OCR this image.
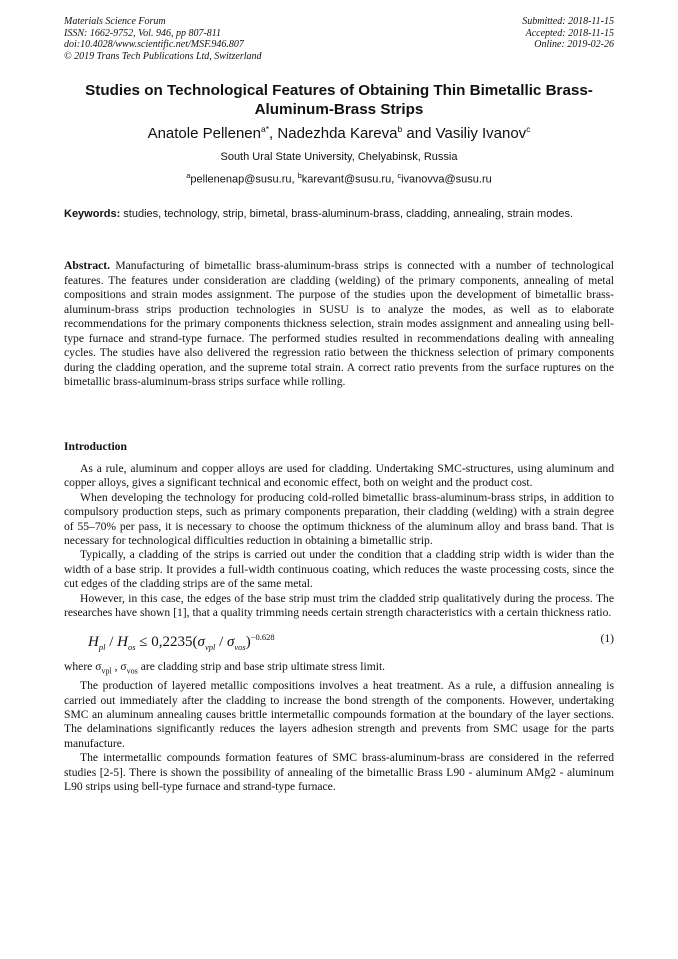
Materials Science Forum
ISSN: 1662-9752, Vol. 946, pp 807-811
doi:10.4028/www.scientific.net/MSF.946.807
© 2019 Trans Tech Publications Ltd, Switzerland
Submitted: 2018-11-15
Accepted: 2018-11-15
Online: 2019-02-26
Studies on Technological Features of Obtaining Thin Bimetallic Brass-Aluminum-Brass Strips
Anatole Pellenen$^{a*}$, Nadezhda Kareva$^b$ and Vasiliy Ivanov$^c$
South Ural State University, Chelyabinsk, Russia
$^a$pellenenap@susu.ru, $^b$karevant@susu.ru, $^c$ivanovva@susu.ru
Keywords: studies, technology, strip, bimetal, brass-aluminum-brass, cladding, annealing, strain modes.
Abstract. Manufacturing of bimetallic brass-aluminum-brass strips is connected with a number of technological features. The features under consideration are cladding (welding) of the primary components, annealing of metal compositions and strain modes assignment. The purpose of the studies upon the development of bimetallic brass-aluminum-brass strips production technologies in SUSU is to analyze the modes, as well as to elaborate recommendations for the primary components thickness selection, strain modes assignment and annealing using bell-type furnace and strand-type furnace. The performed studies resulted in recommendations dealing with annealing cycles. The studies have also delivered the regression ratio between the thickness selection of primary components during the cladding operation, and the supreme total strain. A correct ratio prevents from the surface ruptures on the bimetallic brass-aluminum-brass strips surface while rolling.
Introduction

As a rule, aluminum and copper alloys are used for cladding. Undertaking SMC-structures, using aluminum and copper alloys, gives a significant technical and economic effect, both on weight and the product cost.

When developing the technology for producing cold-rolled bimetallic brass-aluminum-brass strips, in addition to compulsory production steps, such as primary components preparation, their cladding (welding) with a strain degree of 55–70% per pass, it is necessary to choose the optimum thickness of the aluminum alloy and brass band. That is necessary for technological difficulties reduction in obtaining a bimetallic strip.

Typically, a cladding of the strips is carried out under the condition that a cladding strip width is wider than the width of a base strip. It provides a full-width continuous coating, which reduces the waste processing costs, since the cut edges of the cladding strips are of the same metal.

However, in this case, the edges of the base strip must trim the cladded strip qualitatively during the process. The researches have shown [1], that a quality trimming needs certain strength characteristics with a certain thickness ratio.

$H_{pl} / H_{os} \le 0,2235(\sigma_{vpl} / \sigma_{vos})^{-0.628}$	(1)

where $\sigma_{vpl}$ , $\sigma_{vos}$ are cladding strip and base strip ultimate stress limit.

The production of layered metallic compositions involves a heat treatment. As a rule, a diffusion annealing is carried out immediately after the cladding to increase the bond strength of the components. However, undertaking SMC an aluminum annealing causes brittle intermetallic compounds formation at the boundary of the layer sections. The delaminations significantly reduces the layers adhesion strength and prevents from SMC usage for the parts manufacture.

The intermetallic compounds formation features of SMC brass-aluminum-brass are considered in the referred studies [2-5]. There is shown the possibility of annealing of the bimetallic Brass L90 - aluminum AMg2 - aluminum L90 strips using bell-type furnace and strand-type furnace.
